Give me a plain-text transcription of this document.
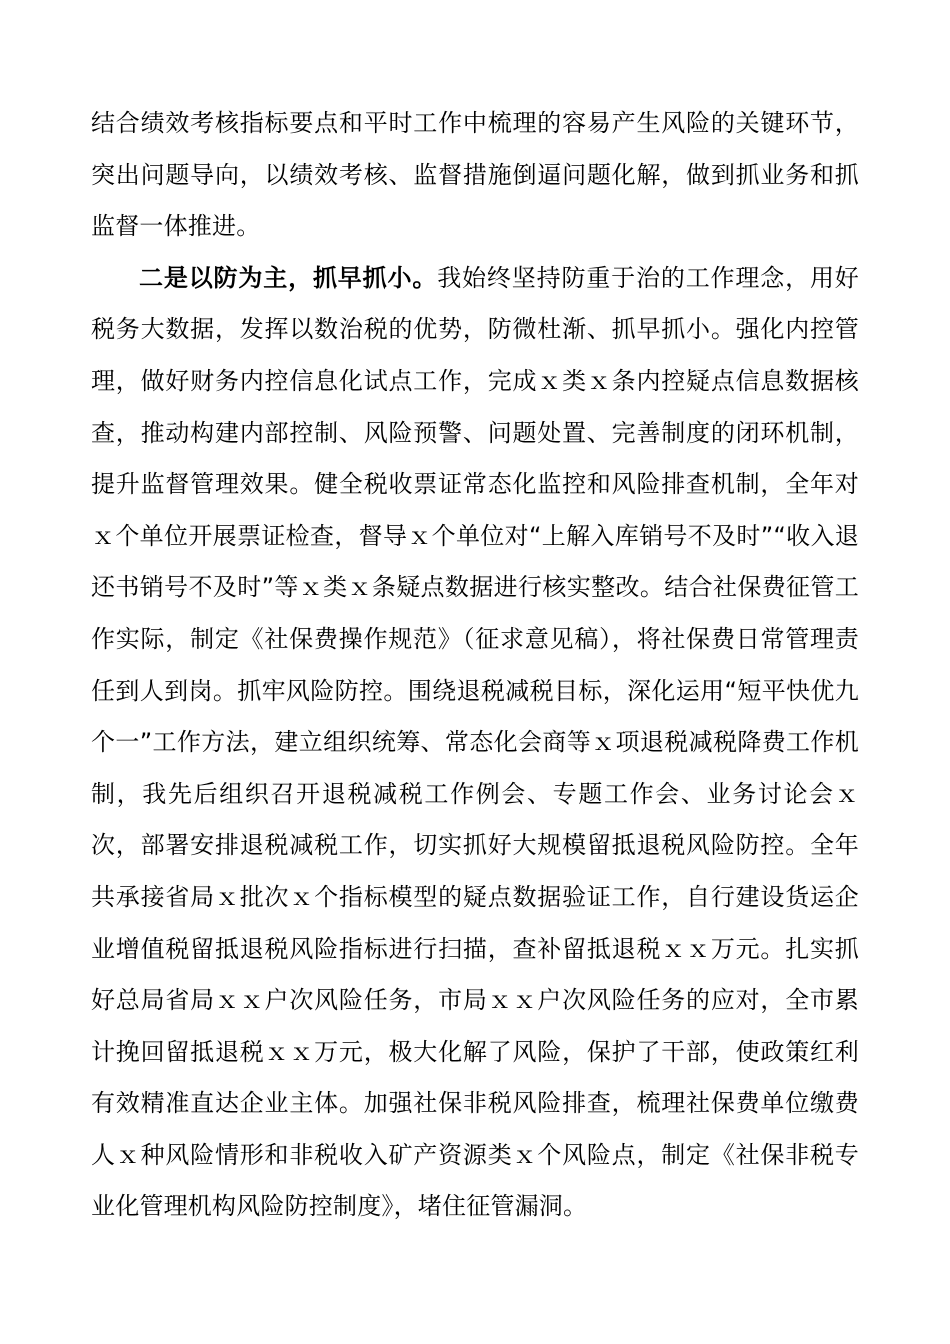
结合绩效考核指标要点和平时工作中梳理的容易产生风险的关键环节，突出问题导向，以绩效考核、监督措施倒逼问题化解，做到抓业务和抓监督一体推进。

二是以防为主，抓早抓小。我始终坚持防重于治的工作理念，用好税务大数据，发挥以数治税的优势，防微杜渐、抓早抓小。强化内控管理，做好财务内控信息化试点工作，完成ｘ类ｘ条内控疑点信息数据核查，推动构建内部控制、风险预警、问题处置、完善制度的闭环机制，提升监督管理效果。健全税收票证常态化监控和风险排查机制，全年对ｘ个单位开展票证检查，督导ｘ个单位对“上解入库销号不及时”“收入退还书销号不及时”等ｘ类ｘ条疑点数据进行核实整改。结合社保费征管工作实际，制定《社保费操作规范》（征求意见稿），将社保费日常管理责任到人到岗。抓牢风险防控。围绕退税减税目标，深化运用“短平快优九个一”工作方法，建立组织统筹、常态化会商等ｘ项退税减税降费工作机制，我先后组织召开退税减税工作例会、专题工作会、业务讨论会ｘ次，部署安排退税减税工作，切实抓好大规模留抵退税风险防控。全年共承接省局ｘ批次ｘ个指标模型的疑点数据验证工作，自行建设货运企业增值税留抵退税风险指标进行扫描，查补留抵退税ｘｘ万元。扎实抓好总局省局ｘｘ户次风险任务，市局ｘｘ户次风险任务的应对，全市累计挽回留抵退税ｘｘ万元，极大化解了风险，保护了干部，使政策红利有效精准直达企业主体。加强社保非税风险排查，梳理社保费单位缴费人ｘ种风险情形和非税收入矿产资源类ｘ个风险点，制定《社保非税专业化管理机构风险防控制度》，堵住征管漏洞。
